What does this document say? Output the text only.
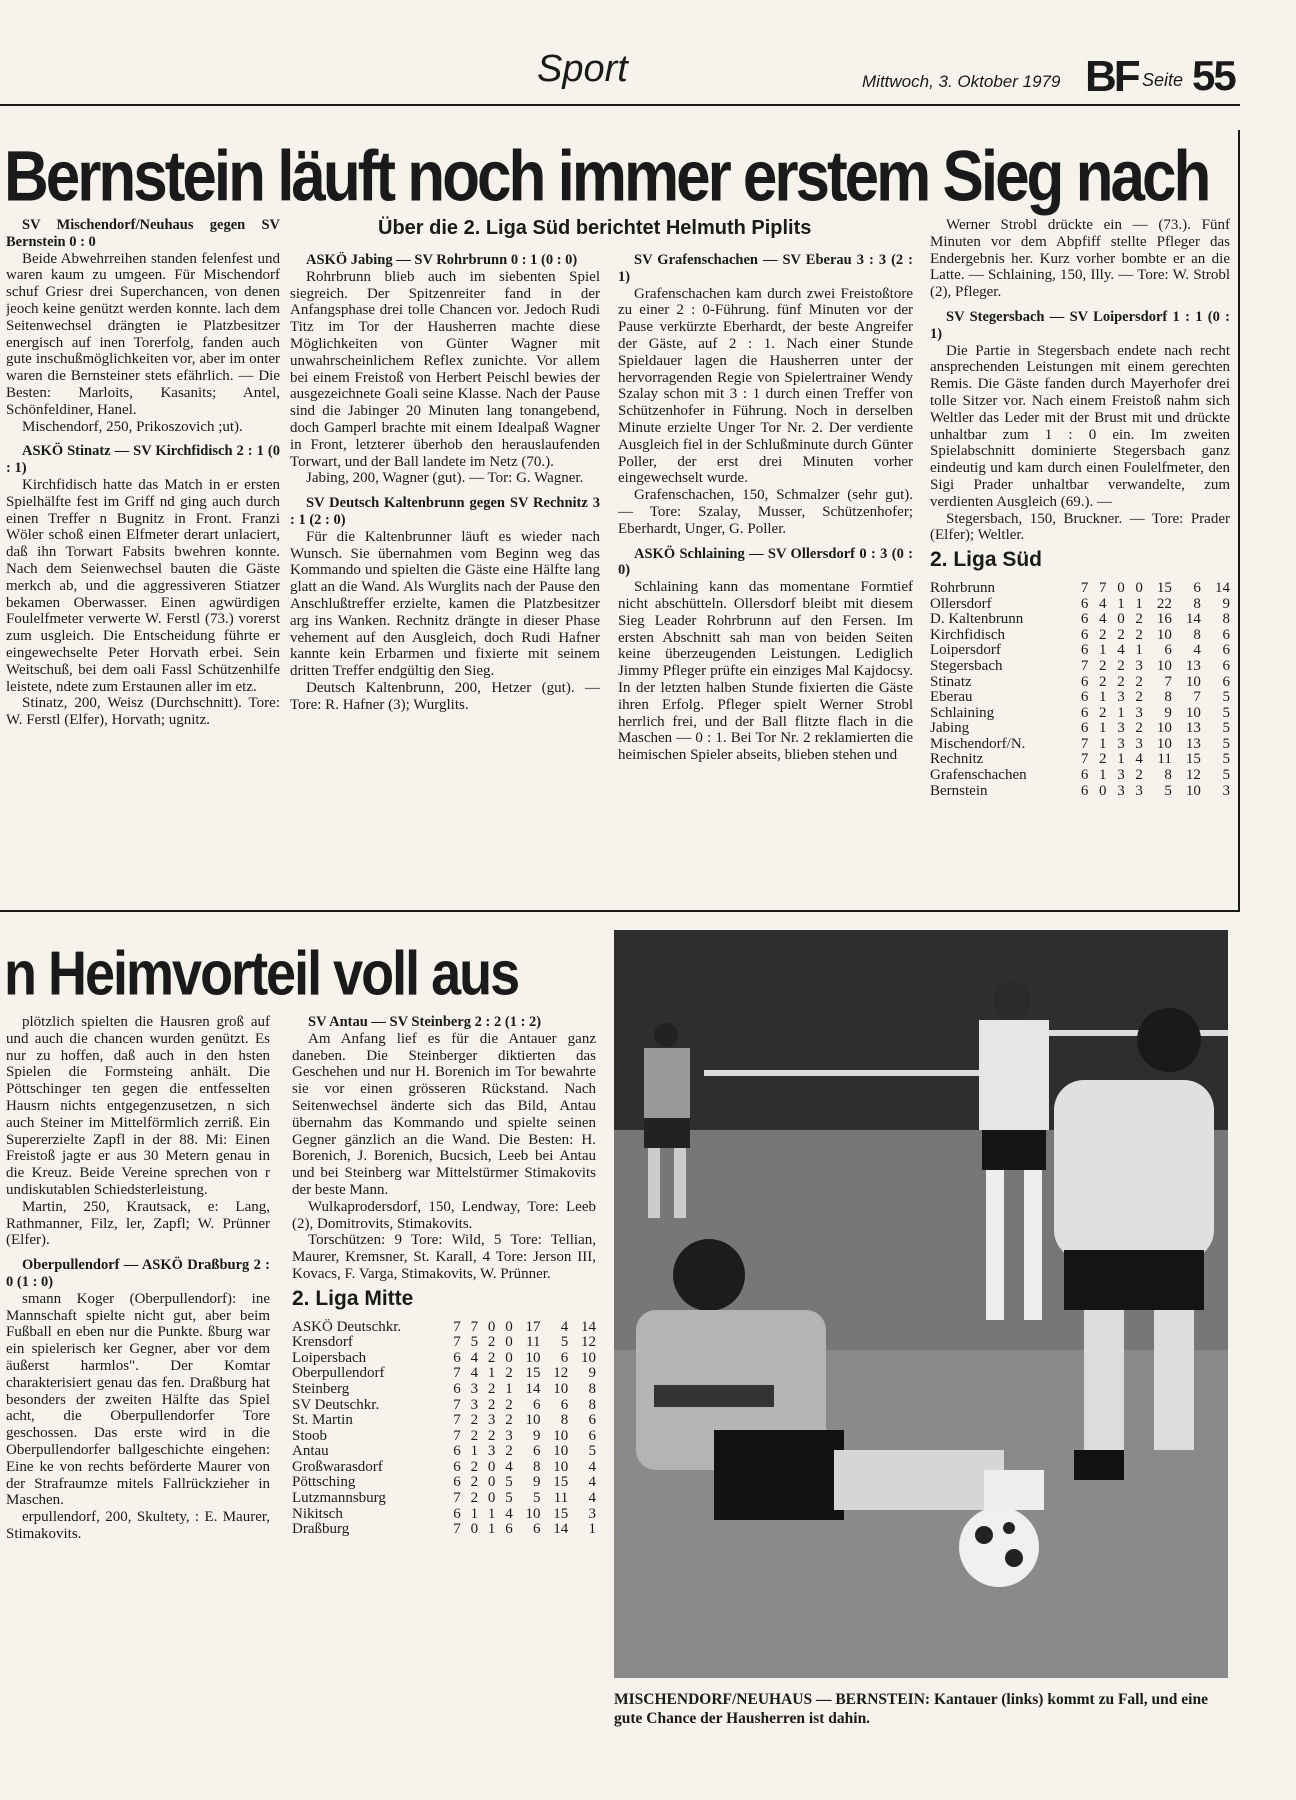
Sport	Mittwoch, 3. Oktober 1979 BF Seite 55
Bernstein läuft noch immer erstem Sieg nach
Über die 2. Liga Süd berichtet Helmuth Piplits

SV Mischendorf/Neuhaus gegen SV Bernstein 0 : 0

Beide Abwehrreihen standen felenfest und waren kaum zu umgeen. Für Mischendorf schuf Griesr drei Superchancen, von denen jeoch keine genützt werden konnte. lach dem Seitenwechsel drängten ie Platzbesitzer energisch auf inen Torerfolg, fanden auch gute inschußmöglichkeiten vor, aber im onter waren die Bernsteiner stets efährlich. — Die Besten: Marloits, Kasanits; Antel, Schönfeldiner, Hanel.

Mischendorf, 250, Prikoszovich ;ut).

ASKÖ Stinatz — SV Kirchfidisch 2 : 1 (0 : 1)

Kirchfidisch hatte das Match in er ersten Spielhälfte fest im Griff nd ging auch durch einen Treffer n Bugnitz in Front. Franzi Wöler schoß einen Elfmeter derart unlaciert, daß ihn Torwart Fabsits bwehren konnte. Nach dem Seienwechsel bauten die Gäste merkch ab, und die aggressiveren Stiatzer bekamen Oberwasser. Einen agwürdigen Foulelfmeter verwerte W. Ferstl (73.) vorerst zum usgleich. Die Entscheidung führte er eingewechselte Peter Horvath erbei. Sein Weitschuß, bei dem oali Fassl Schützenhilfe leistete, ndete zum Erstaunen aller im etz.

Stinatz, 200, Weisz (Durchschnitt). Tore: W. Ferstl (Elfer), Horvath; ugnitz.

ASKÖ Jabing — SV Rohrbrunn 0 : 1 (0 : 0)

Rohrbrunn blieb auch im siebenten Spiel siegreich. Der Spitzenreiter fand in der Anfangsphase drei tolle Chancen vor. Jedoch Rudi Titz im Tor der Hausherren machte diese Möglichkeiten von Günter Wagner mit unwahrscheinlichem Reflex zunichte. Vor allem bei einem Freistoß von Herbert Peischl bewies der ausgezeichnete Goali seine Klasse. Nach der Pause sind die Jabinger 20 Minuten lang tonangebend, doch Gamperl brachte mit einem Idealpaß Wagner in Front, letzterer überhob den herauslaufenden Torwart, und der Ball landete im Netz (70.).

Jabing, 200, Wagner (gut). — Tor: G. Wagner.

SV Deutsch Kaltenbrunn gegen SV Rechnitz 3 : 1 (2 : 0)

Für die Kaltenbrunner läuft es wieder nach Wunsch. Sie übernahmen vom Beginn weg das Kommando und spielten die Gäste eine Hälfte lang glatt an die Wand. Als Wurglits nach der Pause den Anschlußtreffer erzielte, kamen die Platzbesitzer arg ins Wanken. Rechnitz drängte in dieser Phase vehement auf den Ausgleich, doch Rudi Hafner kannte kein Erbarmen und fixierte mit seinem dritten Treffer endgültig den Sieg.

Deutsch Kaltenbrunn, 200, Hetzer (gut). — Tore: R. Hafner (3); Wurglits.

SV Grafenschachen — SV Eberau 3 : 3 (2 : 1)

Grafenschachen kam durch zwei Freistoßtore zu einer 2 : 0-Führung. fünf Minuten vor der Pause verkürzte Eberhardt, der beste Angreifer der Gäste, auf 2 : 1. Nach einer Stunde Spieldauer lagen die Hausherren unter der hervorragenden Regie von Spielertrainer Wendy Szalay schon mit 3 : 1 durch einen Treffer von Schützenhofer in Führung. Noch in derselben Minute erzielte Unger Tor Nr. 2. Der verdiente Ausgleich fiel in der Schlußminute durch Günter Poller, der erst drei Minuten vorher eingewechselt wurde.

Grafenschachen, 150, Schmalzer (sehr gut). — Tore: Szalay, Musser, Schützenhofer; Eberhardt, Unger, G. Poller.

ASKÖ Schlaining — SV Ollersdorf 0 : 3 (0 : 0)

Schlaining kann das momentane Formtief nicht abschütteln. Ollersdorf bleibt mit diesem Sieg Leader Rohrbrunn auf den Fersen. Im ersten Abschnitt sah man von beiden Seiten keine überzeugenden Leistungen. Lediglich Jimmy Pfleger prüfte ein einziges Mal Kajdocsy. In der letzten halben Stunde fixierten die Gäste ihren Erfolg. Pfleger spielt Werner Strobl herrlich frei, und der Ball flitzte flach in die Maschen — 0 : 1. Bei Tor Nr. 2 reklamierten die heimischen Spieler abseits, blieben stehen und

Werner Strobl drückte ein — (73.). Fünf Minuten vor dem Abpfiff stellte Pfleger das Endergebnis her. Kurz vorher bombte er an die Latte. — Schlaining, 150, Illy. — Tore: W. Strobl (2), Pfleger.

SV Stegersbach — SV Loipersdorf 1 : 1 (0 : 1)

Die Partie in Stegersbach endete nach recht ansprechenden Leistungen mit einem gerechten Remis. Die Gäste fanden durch Mayerhofer drei tolle Sitzer vor. Nach einem Freistoß nahm sich Weltler das Leder mit der Brust mit und drückte unhaltbar zum 1 : 0 ein. Im zweiten Spielabschnitt dominierte Stegersbach ganz eindeutig und kam durch einen Foulelfmeter, den Sigi Prader unhaltbar verwandelte, zum verdienten Ausgleich (69.). —

Stegersbach, 150, Bruckner. — Tore: Prader (Elfer); Weltler.

2. Liga Süd
Rohrbrunn	7	7	0	0	15	6	14
Ollersdorf	6	4	1	1	22	8	9
D. Kaltenbrunn	6	4	0	2	16	14	8
Kirchfidisch	6	2	2	2	10	8	6
Loipersdorf	6	1	4	1	6	4	6
Stegersbach	7	2	2	3	10	13	6
Stinatz	6	2	2	2	7	10	6
Eberau	6	1	3	2	8	7	5
Schlaining	6	2	1	3	9	10	5
Jabing	6	1	3	2	10	13	5
Mischendorf/N.	7	1	3	3	10	13	5
Rechnitz	7	2	1	4	11	15	5
Grafenschachen	6	1	3	2	8	12	5
Bernstein	6	0	3	3	5	10	3
n Heimvorteil voll aus

plötzlich spielten die Hausren groß auf und auch die chancen wurden genützt. Es nur zu hoffen, daß auch in den hsten Spielen die Formsteing anhält. Die Pöttschinger ten gegen die entfesselten Hausrn nichts entgegenzusetzen, n sich auch Steiner im Mittelförmlich zerriß. Ein Supererzielte Zapfl in der 88. Mi: Einen Freistoß jagte er aus 30 Metern genau in die Kreuz. Beide Vereine sprechen von r undiskutablen Schiedsterleistung.

Martin, 250, Krautsack, e: Lang, Rathmanner, Filz, ler, Zapfl; W. Prünner (Elfer).

Oberpullendorf — ASKÖ Draßburg 2 : 0 (1 : 0)

smann Koger (Oberpullendorf): ine Mannschaft spielte nicht gut, aber beim Fußball en eben nur die Punkte. ßburg war ein spielerisch ker Gegner, aber vor dem äußerst harmlos". Der Komtar charakterisiert genau das fen. Draßburg hat besonders der zweiten Hälfte das Spiel acht, die Oberpullendorfer Tore geschossen. Das erste wird in die Oberpullendorfer ballgeschichte eingehen: Eine ke von rechts beförderte Maurer von der Strafraumze mitels Fallrückzieher in Maschen.

erpullendorf, 200, Skultety, : E. Maurer, Stimakovits.

SV Antau — SV Steinberg 2 : 2 (1 : 2)

Am Anfang lief es für die Antauer ganz daneben. Die Steinberger diktierten das Geschehen und nur H. Borenich im Tor bewahrte sie vor einen grösseren Rückstand. Nach Seitenwechsel änderte sich das Bild, Antau übernahm das Kommando und spielte seinen Gegner gänzlich an die Wand. Die Besten: H. Borenich, J. Borenich, Bucsich, Leeb bei Antau und bei Steinberg war Mittelstürmer Stimakovits der beste Mann.

Wulkaprodersdorf, 150, Lendway, Tore: Leeb (2), Domitrovits, Stimakovits.

Torschützen: 9 Tore: Wild, 5 Tore: Tellian, Maurer, Kremsner, St. Karall, 4 Tore: Jerson III, Kovacs, F. Varga, Stimakovits, W. Prünner.

2. Liga Mitte
ASKÖ Deutschkr.	7	7	0	0	17	4	14
Krensdorf	7	5	2	0	11	5	12
Loipersbach	6	4	2	0	10	6	10
Oberpullendorf	7	4	1	2	15	12	9
Steinberg	6	3	2	1	14	10	8
SV Deutschkr.	7	3	2	2	6	6	8
St. Martin	7	2	3	2	10	8	6
Stoob	7	2	2	3	9	10	6
Antau	6	1	3	2	6	10	5
Großwarasdorf	6	2	0	4	8	10	4
Pöttsching	6	2	0	5	9	15	4
Lutzmannsburg	7	2	0	5	5	11	4
Nikitsch	6	1	1	4	10	15	3
Draßburg	7	0	1	6	6	14	1
MISCHENDORF/NEUHAUS — BERNSTEIN: Kantauer (links) kommt zu Fall, und eine gute Chance der Hausherren ist dahin.
